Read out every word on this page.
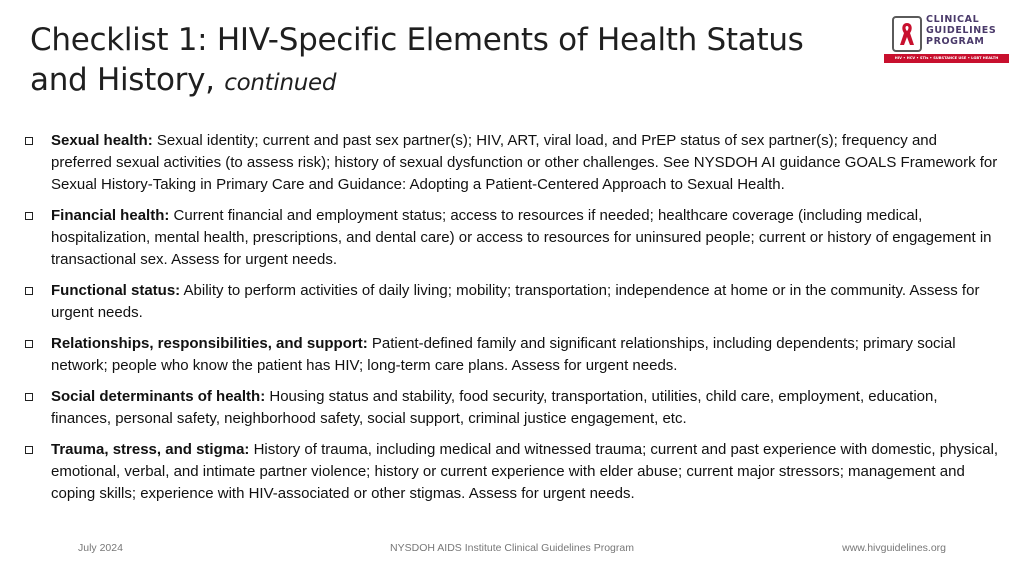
Checklist 1: HIV-Specific Elements of Health Status and History, continued
CLINICAL
GUIDELINES
PROGRAM
HIV • HCV • STIs • SUBSTANCE USE • LGBT HEALTH
Sexual health: Sexual identity; current and past sex partner(s); HIV, ART, viral load, and PrEP status of sex partner(s); frequency and preferred sexual activities (to assess risk); history of sexual dysfunction or other challenges. See NYSDOH AI guidance GOALS Framework for Sexual History-Taking in Primary Care and Guidance: Adopting a Patient-Centered Approach to Sexual Health.
Financial health: Current financial and employment status; access to resources if needed; healthcare coverage (including medical, hospitalization, mental health, prescriptions, and dental care) or access to resources for uninsured people; current or history of engagement in transactional sex. Assess for urgent needs.
Functional status: Ability to perform activities of daily living; mobility; transportation; independence at home or in the community. Assess for urgent needs.
Relationships, responsibilities, and support: Patient-defined family and significant relationships, including dependents; primary social network; people who know the patient has HIV; long-term care plans. Assess for urgent needs.
Social determinants of health: Housing status and stability, food security, transportation, utilities, child care, employment, education, finances, personal safety, neighborhood safety, social support, criminal justice engagement, etc.
Trauma, stress, and stigma: History of trauma, including medical and witnessed trauma; current and past experience with domestic, physical, emotional, verbal, and intimate partner violence; history or current experience with elder abuse; current major stressors; management and coping skills; experience with HIV-associated or other stigmas. Assess for urgent needs.
NYSDOH AIDS Institute Clinical Guidelines Program
July 2024	www.hivguidelines.org
